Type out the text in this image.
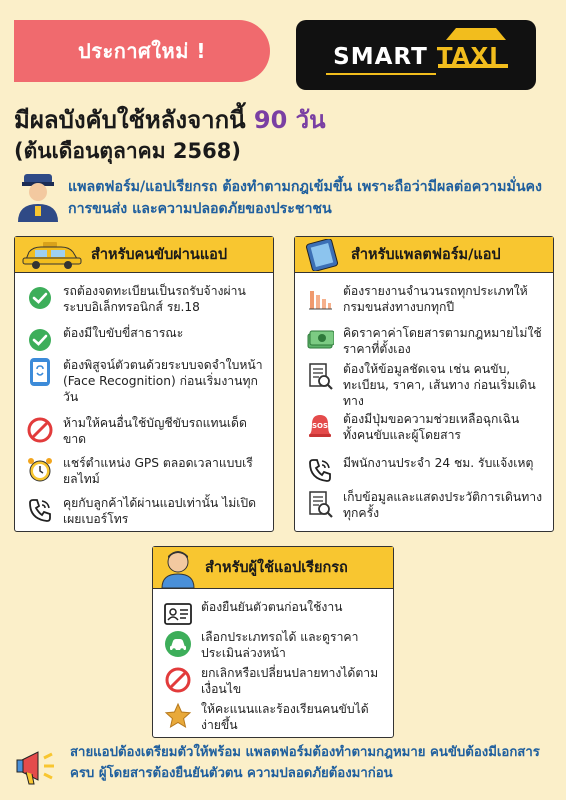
ประกาศใหม่ !	SMART TAXI
มีผลบังคับใช้หลังจากนี้ 90 วัน
(ต้นเดือนตุลาคม 2568)
แพลตฟอร์ม/แอปเรียกรถ ต้องทำตามกฎเข้มขึ้น เพราะถือว่ามีผลต่อความมั่นคง การขนส่ง และความปลอดภัยของประชาชน
สำหรับคนขับผ่านแอป
รถต้องจดทะเบียนเป็นรถรับจ้างผ่านระบบอิเล็กทรอนิกส์ รย.18
ต้องมีใบขับขี่สาธารณะ
ต้องพิสูจน์ตัวตนด้วยระบบจดจำใบหน้า (Face Recognition) ก่อนเริ่มงานทุกวัน
ห้ามให้คนอื่นใช้บัญชีขับรถแทนเด็ดขาด
แชร์ตำแหน่ง GPS ตลอดเวลาแบบเรียลไทม์
คุยกับลูกค้าได้ผ่านแอปเท่านั้น ไม่เปิดเผยเบอร์โทร
สำหรับแพลตฟอร์ม/แอป
ต้องรายงานจำนวนรถทุกประเภทให้กรมขนส่งทางบกทุกปี
คิดราคาค่าโดยสารตามกฎหมายไม่ใช้ราคาที่ตั้งเอง
ต้องให้ข้อมูลชัดเจน เช่น คนขับ, ทะเบียน, ราคา, เส้นทาง ก่อนเริ่มเดินทาง
SOS ต้องมีปุ่มขอความช่วยเหลือฉุกเฉิน ทั้งคนขับและผู้โดยสาร
มีพนักงานประจำ 24 ชม. รับแจ้งเหตุ
เก็บข้อมูลและแสดงประวัติการเดินทางทุกครั้ง
สำหรับผู้ใช้แอปเรียกรถ
ต้องยืนยันตัวตนก่อนใช้งาน
เลือกประเภทรถได้ และดูราคาประเมินล่วงหน้า
ยกเลิกหรือเปลี่ยนปลายทางได้ตามเงื่อนไข
ให้คะแนนและร้องเรียนคนขับได้ง่ายขึ้น
สายแอปต้องเตรียมตัวให้พร้อม แพลตฟอร์มต้องทำตามกฎหมาย คนขับต้องมีเอกสารครบ ผู้โดยสารต้องยืนยันตัวตน ความปลอดภัยต้องมาก่อน
